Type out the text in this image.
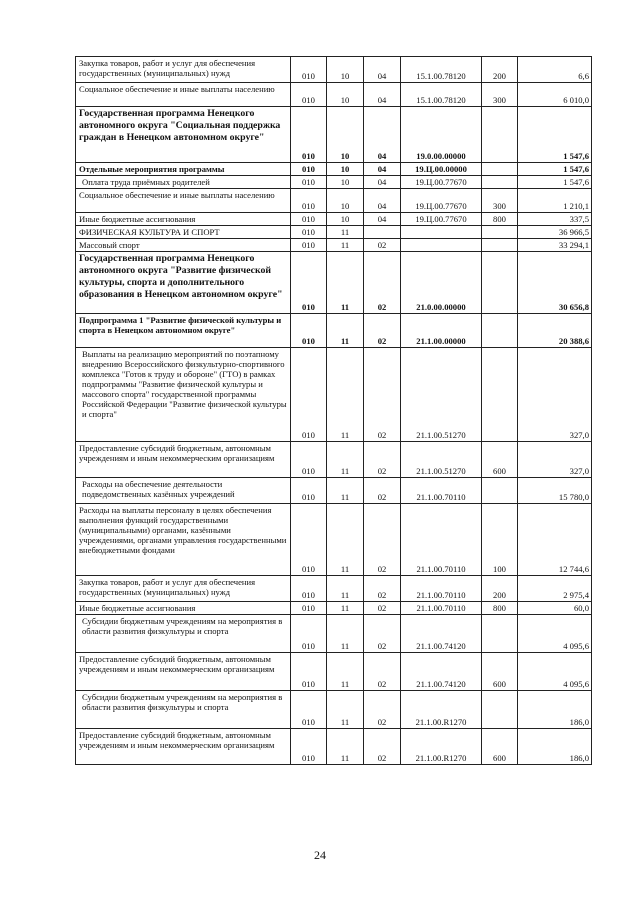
Закупка товаров, работ и услуг для обеспечения государственных (муниципальных) нужд	010	10	04	15.1.00.78120	200	6,6
Социальное обеспечение и иные выплаты населению	010	10	04	15.1.00.78120	300	6 010,0
Государственная программа Ненецкого автономного округа "Социальная поддержка граждан в Ненецком автономном округе"	010	10	04	19.0.00.00000		1 547,6
Отдельные мероприятия программы	010	10	04	19.Ц.00.00000		1 547,6
Оплата труда приёмных родителей	010	10	04	19.Ц.00.77670		1 547,6
Социальное обеспечение и иные выплаты населению	010	10	04	19.Ц.00.77670	300	1 210,1
Иные бюджетные ассигнования	010	10	04	19.Ц.00.77670	800	337,5
ФИЗИЧЕСКАЯ КУЛЬТУРА И СПОРТ	010	11				36 966,5
Массовый спорт	010	11	02			33 294,1
Государственная программа Ненецкого автономного округа "Развитие физической культуры, спорта и дополнительного образования в Ненецком автономном округе"	010	11	02	21.0.00.00000		30 656,8
Подпрограмма 1 "Развитие физической культуры и спорта в Ненецком автономном округе"	010	11	02	21.1.00.00000		20 388,6
Выплаты на реализацию мероприятий по поэтапному внедрению Всероссийского физкультурно-спортивного комплекса "Готов к труду и обороне" (ГТО) в рамках подпрограммы "Развитие физической культуры и массового спорта" государственной программы Российской Федерации "Развитие физической культуры и спорта"	010	11	02	21.1.00.51270		327,0
Предоставление субсидий бюджетным, автономным учреждениям и иным некоммерческим организациям	010	11	02	21.1.00.51270	600	327,0
Расходы на обеспечение деятельности подведомственных казённых учреждений	010	11	02	21.1.00.70110		15 780,0
Расходы на выплаты персоналу в целях обеспечения выполнения функций государственными (муниципальными) органами, казёнными учреждениями, органами управления государственными внебюджетными фондами	010	11	02	21.1.00.70110	100	12 744,6
Закупка товаров, работ и услуг для обеспечения государственных (муниципальных) нужд	010	11	02	21.1.00.70110	200	2 975,4
Иные бюджетные ассигнования	010	11	02	21.1.00.70110	800	60,0
Субсидии бюджетным учреждениям на мероприятия в области развития физкультуры и спорта	010	11	02	21.1.00.74120		4 095,6
Предоставление субсидий бюджетным, автономным учреждениям и иным некоммерческим организациям	010	11	02	21.1.00.74120	600	4 095,6
Субсидии бюджетным учреждениям на мероприятия в области развития физкультуры и спорта	010	11	02	21.1.00.R1270		186,0
Предоставление субсидий бюджетным, автономным учреждениям и иным некоммерческим организациям	010	11	02	21.1.00.R1270	600	186,0
24
